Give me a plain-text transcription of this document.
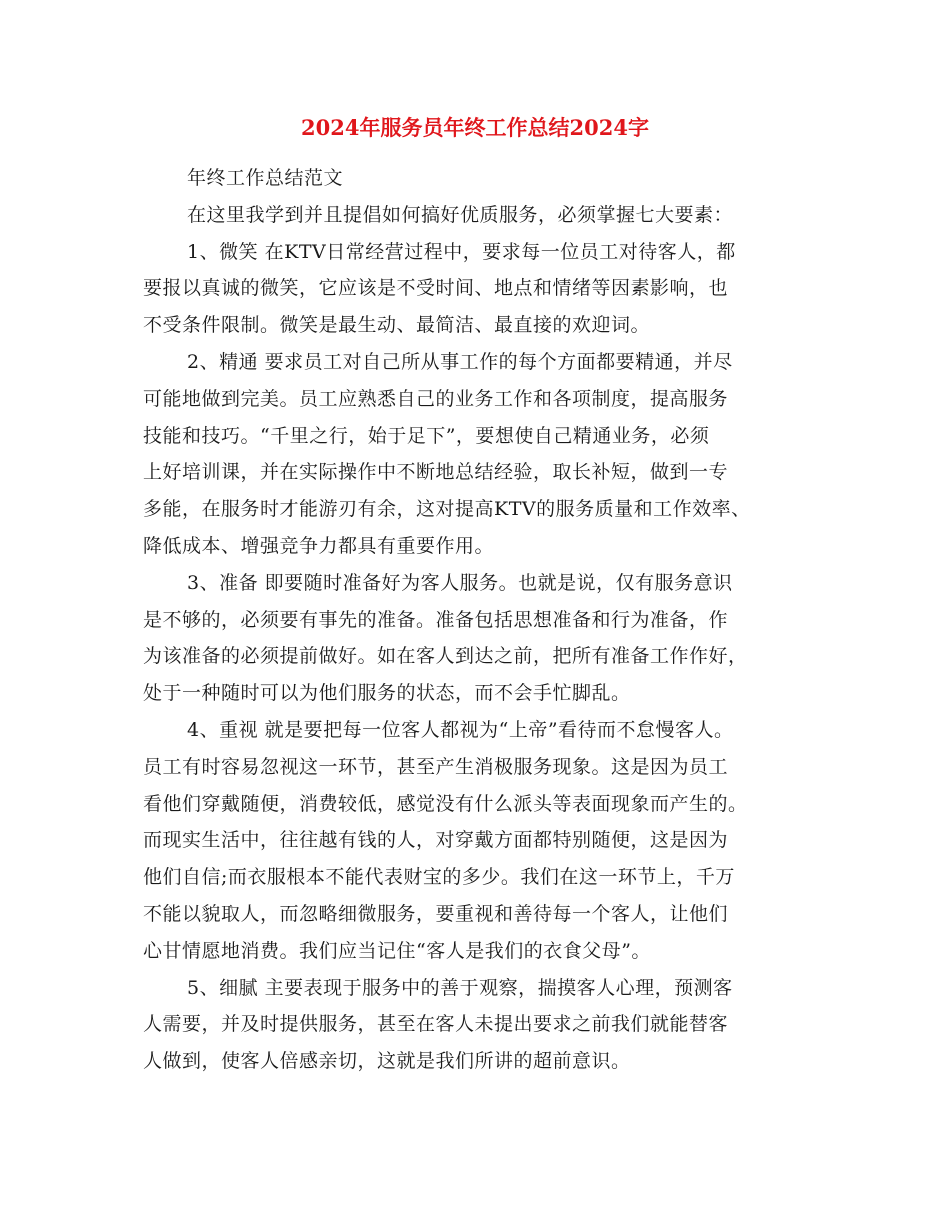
2024年服务员年终工作总结2024字
年终工作总结范文
在这里我学到并且提倡如何搞好优质服务，必须掌握七大要素：
1、微笑 在KTV日常经营过程中，要求每一位员工对待客人，都
要报以真诚的微笑，它应该是不受时间、地点和情绪等因素影响，也
不受条件限制。微笑是最生动、最简洁、最直接的欢迎词。
2、精通 要求员工对自己所从事工作的每个方面都要精通，并尽
可能地做到完美。员工应熟悉自己的业务工作和各项制度，提高服务
技能和技巧。“千里之行，始于足下”，要想使自己精通业务，必须
上好培训课，并在实际操作中不断地总结经验，取长补短，做到一专
多能，在服务时才能游刃有余，这对提高KTV的服务质量和工作效率、
降低成本、增强竞争力都具有重要作用。
3、准备 即要随时准备好为客人服务。也就是说，仅有服务意识
是不够的，必须要有事先的准备。准备包括思想准备和行为准备，作
为该准备的必须提前做好。如在客人到达之前，把所有准备工作作好，
处于一种随时可以为他们服务的状态，而不会手忙脚乱。
4、重视 就是要把每一位客人都视为“上帝”看待而不怠慢客人。
员工有时容易忽视这一环节，甚至产生消极服务现象。这是因为员工
看他们穿戴随便，消费较低，感觉没有什么派头等表面现象而产生的。
而现实生活中，往往越有钱的人，对穿戴方面都特别随便，这是因为
他们自信;而衣服根本不能代表财宝的多少。我们在这一环节上，千万
不能以貌取人，而忽略细微服务，要重视和善待每一个客人，让他们
心甘情愿地消费。我们应当记住“客人是我们的衣食父母”。
5、细腻 主要表现于服务中的善于观察，揣摸客人心理，预测客
人需要，并及时提供服务，甚至在客人未提出要求之前我们就能替客
人做到，使客人倍感亲切，这就是我们所讲的超前意识。
